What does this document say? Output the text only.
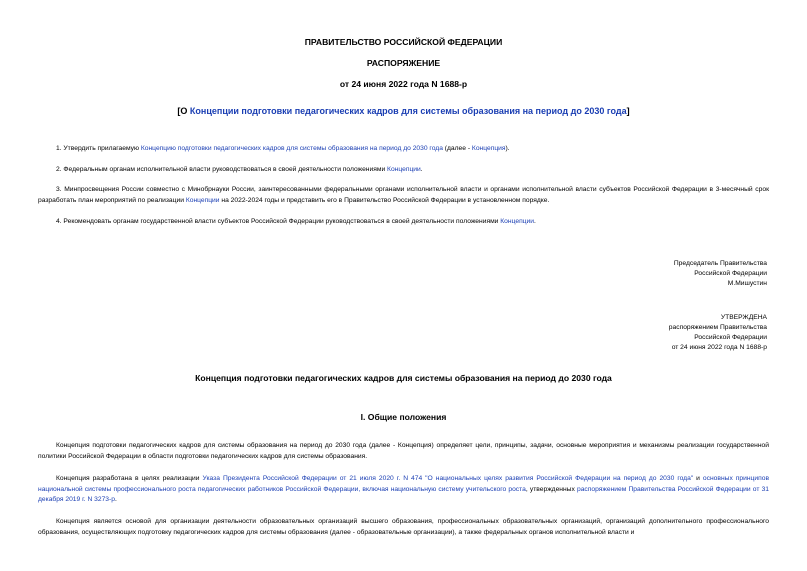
ПРАВИТЕЛЬСТВО РОССИЙСКОЙ ФЕДЕРАЦИИ
РАСПОРЯЖЕНИЕ
от 24 июня 2022 года N 1688-р
[О Концепции подготовки педагогических кадров для системы образования на период до 2030 года]
1. Утвердить прилагаемую Концепцию подготовки педагогических кадров для системы образования на период до 2030 года (далее - Концепция).
2. Федеральным органам исполнительной власти руководствоваться в своей деятельности положениями Концепции.
3. Минпросвещения России совместно с Минобрнауки России, заинтересованными федеральными органами исполнительной власти и органами исполнительной власти субъектов Российской Федерации в 3-месячный срок разработать план мероприятий по реализации Концепции на 2022-2024 годы и представить его в Правительство Российской Федерации в установленном порядке.
4. Рекомендовать органам государственной власти субъектов Российской Федерации руководствоваться в своей деятельности положениями Концепции.
Председатель Правительства
Российской Федерации
М.Мишустин
УТВЕРЖДЕНА
распоряжением Правительства
Российской Федерации
от 24 июня 2022 года N 1688-р
Концепция подготовки педагогических кадров для системы образования на период до 2030 года
I. Общие положения
Концепция подготовки педагогических кадров для системы образования на период до 2030 года (далее - Концепция) определяет цели, принципы, задачи, основные мероприятия и механизмы реализации государственной политики Российской Федерации в области подготовки педагогических кадров для системы образования.
Концепция разработана в целях реализации Указа Президента Российской Федерации от 21 июля 2020 г. N 474 "О национальных целях развития Российской Федерации на период до 2030 года" и основных принципов национальной системы профессионального роста педагогических работников Российской Федерации, включая национальную систему учительского роста, утвержденных распоряжением Правительства Российской Федерации от 31 декабря 2019 г. N 3273-р.
Концепция является основой для организации деятельности образовательных организаций высшего образования, профессиональных образовательных организаций, организаций дополнительного профессионального образования, осуществляющих подготовку педагогических кадров для системы образования (далее - образовательные организации), а также федеральных органов исполнительной власти и
